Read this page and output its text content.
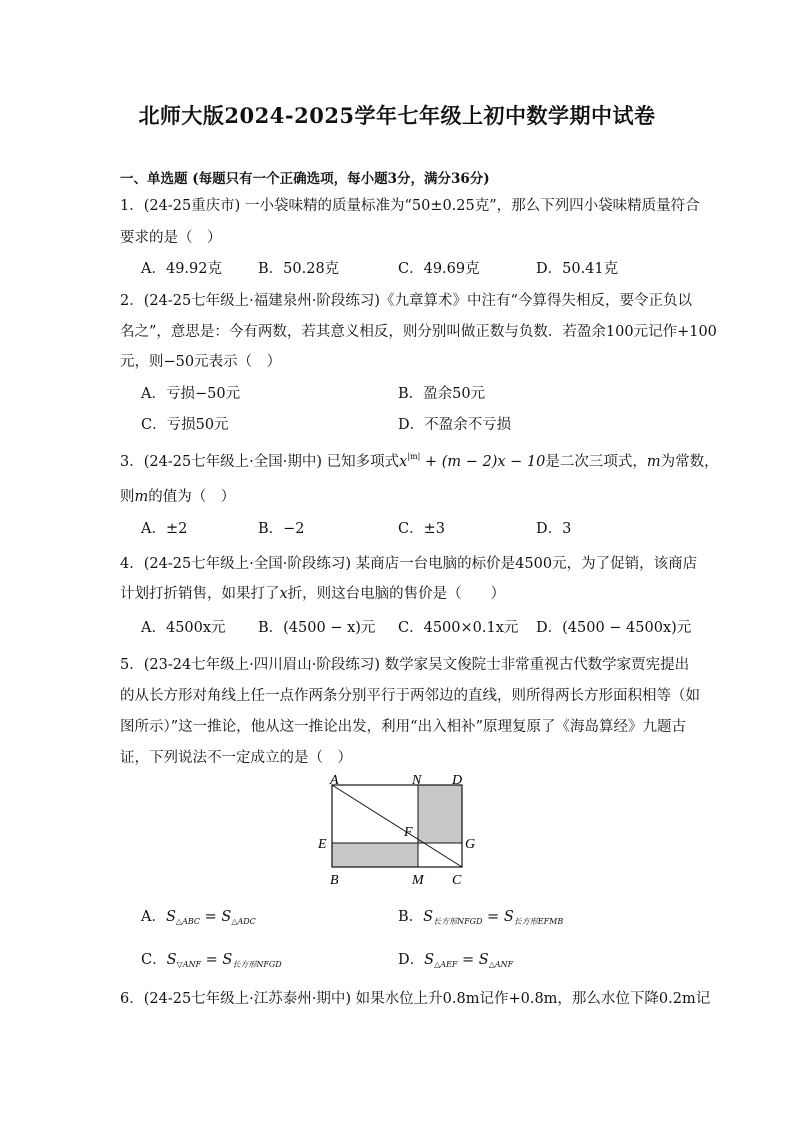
北师大版2024-2025学年七年级上初中数学期中试卷
一、单选题 (每题只有一个正确选项，每小题3分，满分36分)
1．(24-25重庆市) 一小袋味精的质量标准为“50±0.25克”，那么下列四小袋味精质量符合
要求的是（　）
A．49.92克 B．50.28克	C．49.69克	D．50.41克
2．(24-25七年级上·福建泉州·阶段练习)《九章算术》中注有“今算得失相反，要令正负以
名之”，意思是：今有两数，若其意义相反，则分别叫做正数与负数．若盈余100元记作+100
元，则−50元表示（　）
A．亏损−50元	B．盈余50元
C．亏损50元	D．不盈余不亏损
3．(24-25七年级上·全国·期中) 已知多项式$x^{|m|} + (m - 2)x - 10$是二次三项式，m为常数，
则m的值为（　）
A．±2	B．−2	C．±3	D．3
4．(24-25七年级上·全国·阶段练习) 某商店一台电脑的标价是4500元，为了促销，该商店
计划打折销售，如果打了x折，则这台电脑的售价是（　　）
A．4500x元 B．(4500 − x)元 C．4500×0.1x元 D．(4500 − 4500x)元
5．(23-24七年级上·四川眉山·阶段练习) 数学家吴文俊院士非常重视古代数学家贾宪提出
的从长方形对角线上任一点作两条分别平行于两邻边的直线，则所得两长方形面积相等（如
图所示）”这一推论，他从这一推论出发，利用“出入相补”原理复原了《海岛算经》九题古
证，下列说法不一定成立的是（　）
A	N D
E
F
G
B	M C
A．$S_{\triangle ABC} = S_{\triangle ADC}$	B．$S_{长方形NFGD} = S_{长方形EFMB}$
C．$S_{▽ANF} = S_{长方形NFGD}$	D．$S_{\triangle AEF} = S_{\triangle ANF}$
6．(24-25七年级上·江苏泰州·期中) 如果水位上升0.8m记作+0.8m，那么水位下降0.2m记
